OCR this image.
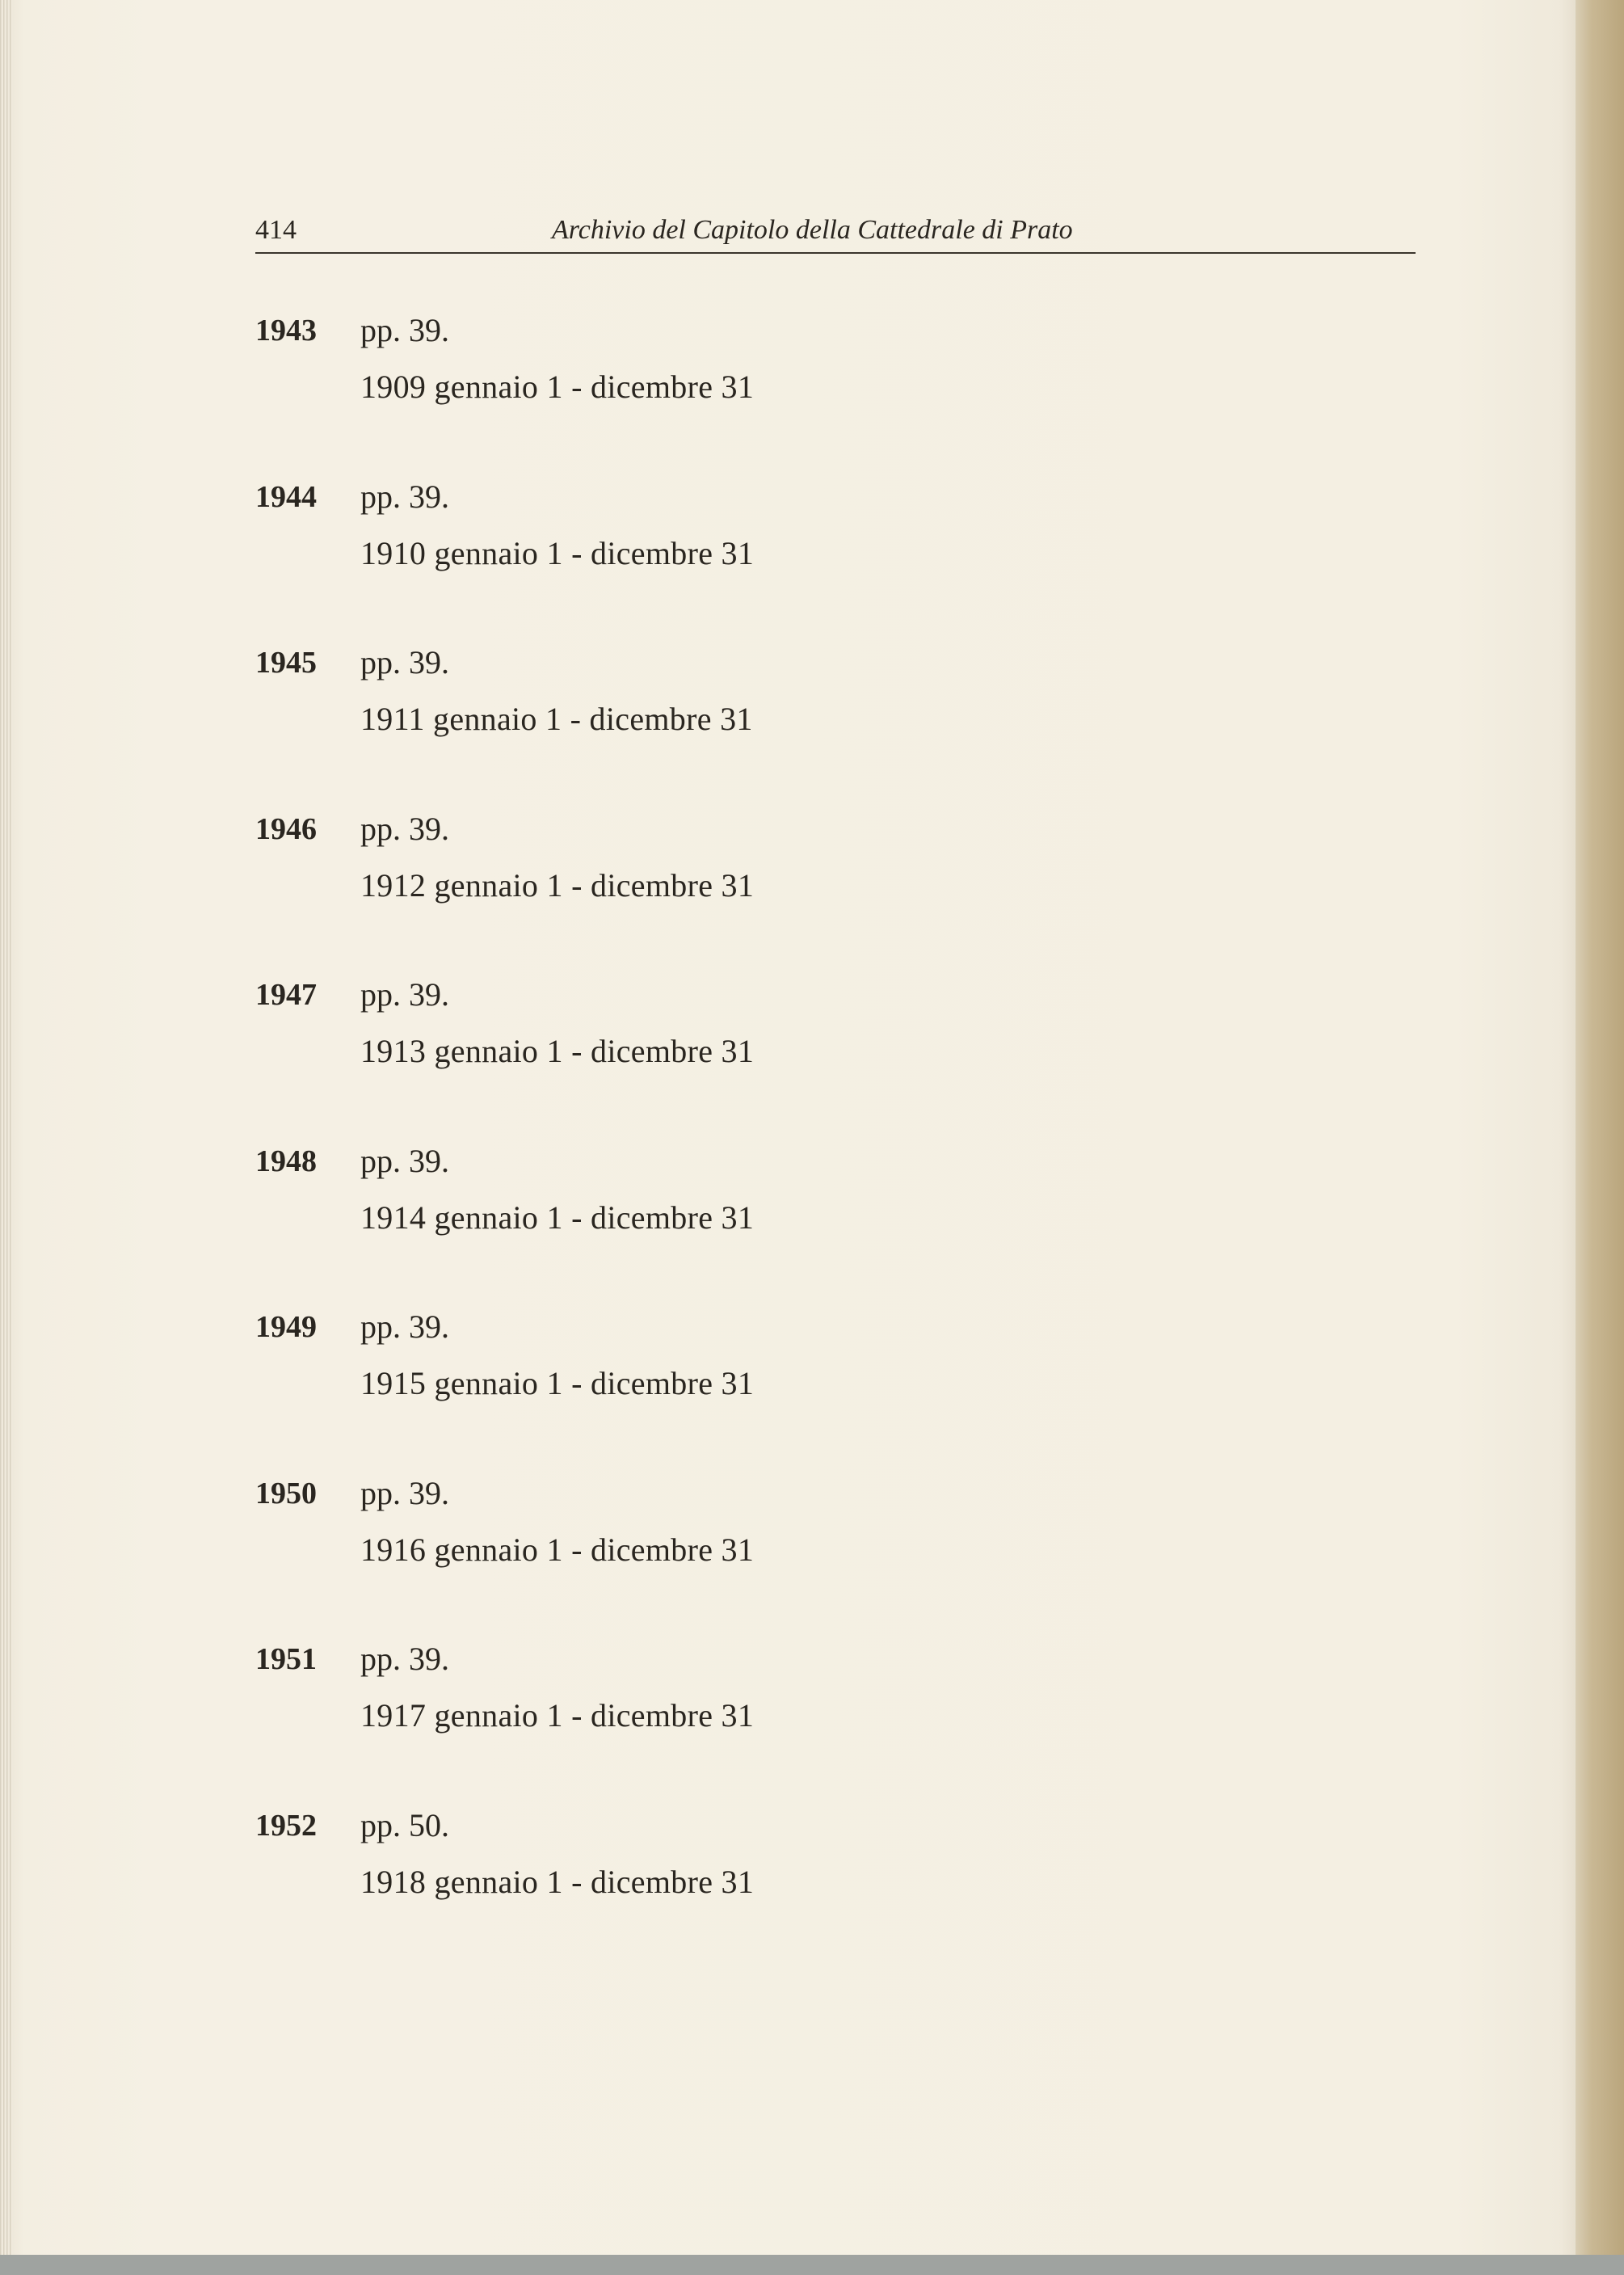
414	Archivio del Capitolo della Cattedrale di Prato
1943 pp. 39.
1909 gennaio 1 - dicembre 31
1944 pp. 39.
1910 gennaio 1 - dicembre 31
1945 pp. 39.
1911 gennaio 1 - dicembre 31
1946 pp. 39.
1912 gennaio 1 - dicembre 31
1947 pp. 39.
1913 gennaio 1 - dicembre 31
1948 pp. 39.
1914 gennaio 1 - dicembre 31
1949 pp. 39.
1915 gennaio 1 - dicembre 31
1950 pp. 39.
1916 gennaio 1 - dicembre 31
1951 pp. 39.
1917 gennaio 1 - dicembre 31
1952 pp. 50.
1918 gennaio 1 - dicembre 31
